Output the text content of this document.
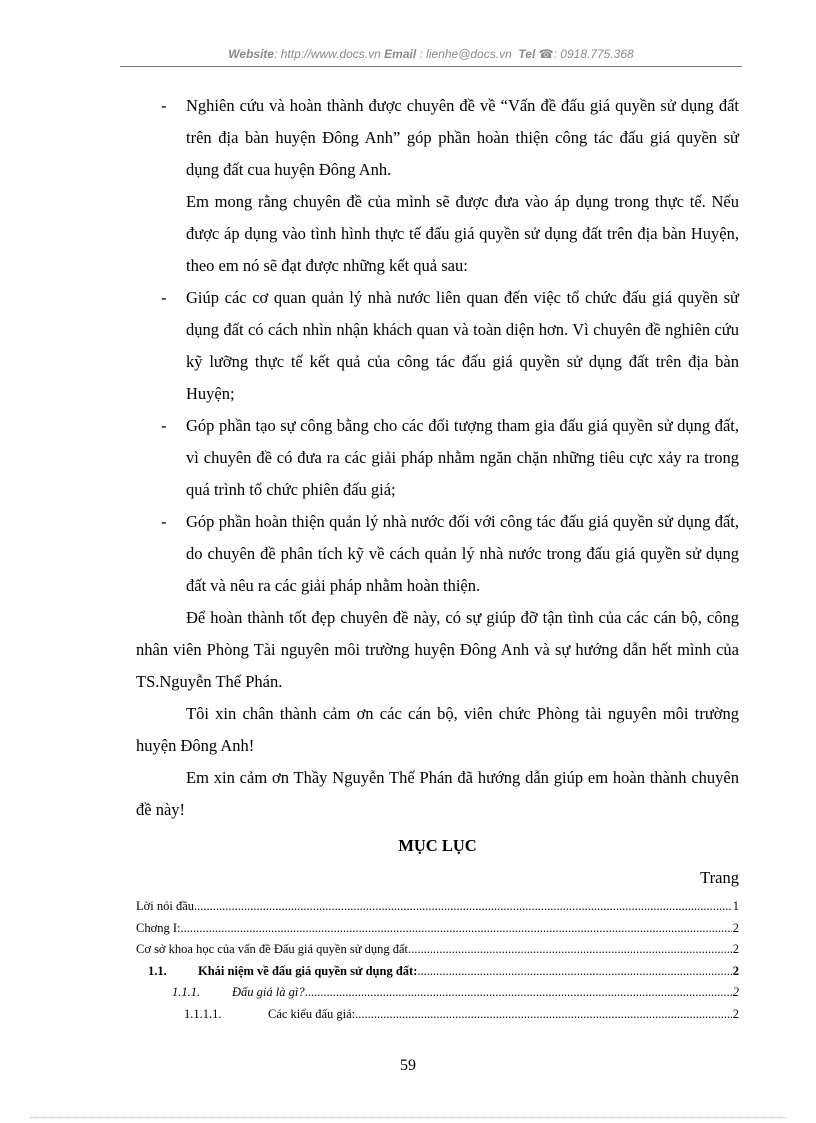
Website: http://www.docs.vn Email : lienhe@docs.vn Tel ☎: 0918.775.368
- Nghiên cứu và hoàn thành được chuyên đề về “Vấn đề đấu giá quyền sử dụng đất trên địa bàn huyện Đông Anh” góp phần hoàn thiện công tác đấu giá quyền sử dụng đất cua huyện Đông Anh.
Em mong rằng chuyên đề của mình sẽ được đưa vào áp dụng trong thực tế. Nếu được áp dụng vào tình hình thực tế đấu giá quyền sử dụng đất trên địa bàn Huyện, theo em nó sẽ đạt được những kết quả sau:
- Giúp các cơ quan quản lý nhà nước liên quan đến việc tổ chức đấu giá quyền sử dụng đất có cách nhìn nhận khách quan và toàn diện hơn. Vì chuyên đề nghiên cứu kỹ lưỡng thực tế kết quả của công tác đấu giá quyền sử dụng đất trên địa bàn Huyện;
- Góp phần tạo sự công bằng cho các đối tượng tham gia đấu giá quyền sử dụng đất, vì chuyên đề có đưa ra các giải pháp nhằm ngăn chặn những tiêu cực xảy ra trong quá trình tổ chức phiên đấu giá;
- Góp phần hoàn thiện quản lý nhà nước đối với công tác đấu giá quyền sử dụng đất, do chuyên đề phân tích kỹ về cách quản lý nhà nước trong đấu giá quyền sử dụng đất và nêu ra các giải pháp nhằm hoàn thiện.
Để hoàn thành tốt đẹp chuyên đề này, có sự giúp đỡ tận tình của các cán bộ, công nhân viên Phòng Tài nguyên môi trường huyện Đông Anh và sự hướng dẫn hết mình của TS.Nguyễn Thế Phán.
Tôi xin chân thành cảm ơn các cán bộ, viên chức Phòng tài nguyên môi trường huyện Đông Anh!
Em xin cảm ơn Thầy Nguyễn Thế Phán đã hướng dẫn giúp em hoàn thành chuyên đề này!
MỤC LỤC
Trang
Lời nói đầu .....	1
Chơng I: .....	2
Cơ sở khoa học của vấn đề Đấu giá quyền sử dụng đất .....	2
1.1.	Khái niệm về đấu giá quyền sử dụng đất: .....	2
1.1.1.	Đấu giá là gì? .....	2
1.1.1.1.	Các kiểu đấu giá: .....	2
59
